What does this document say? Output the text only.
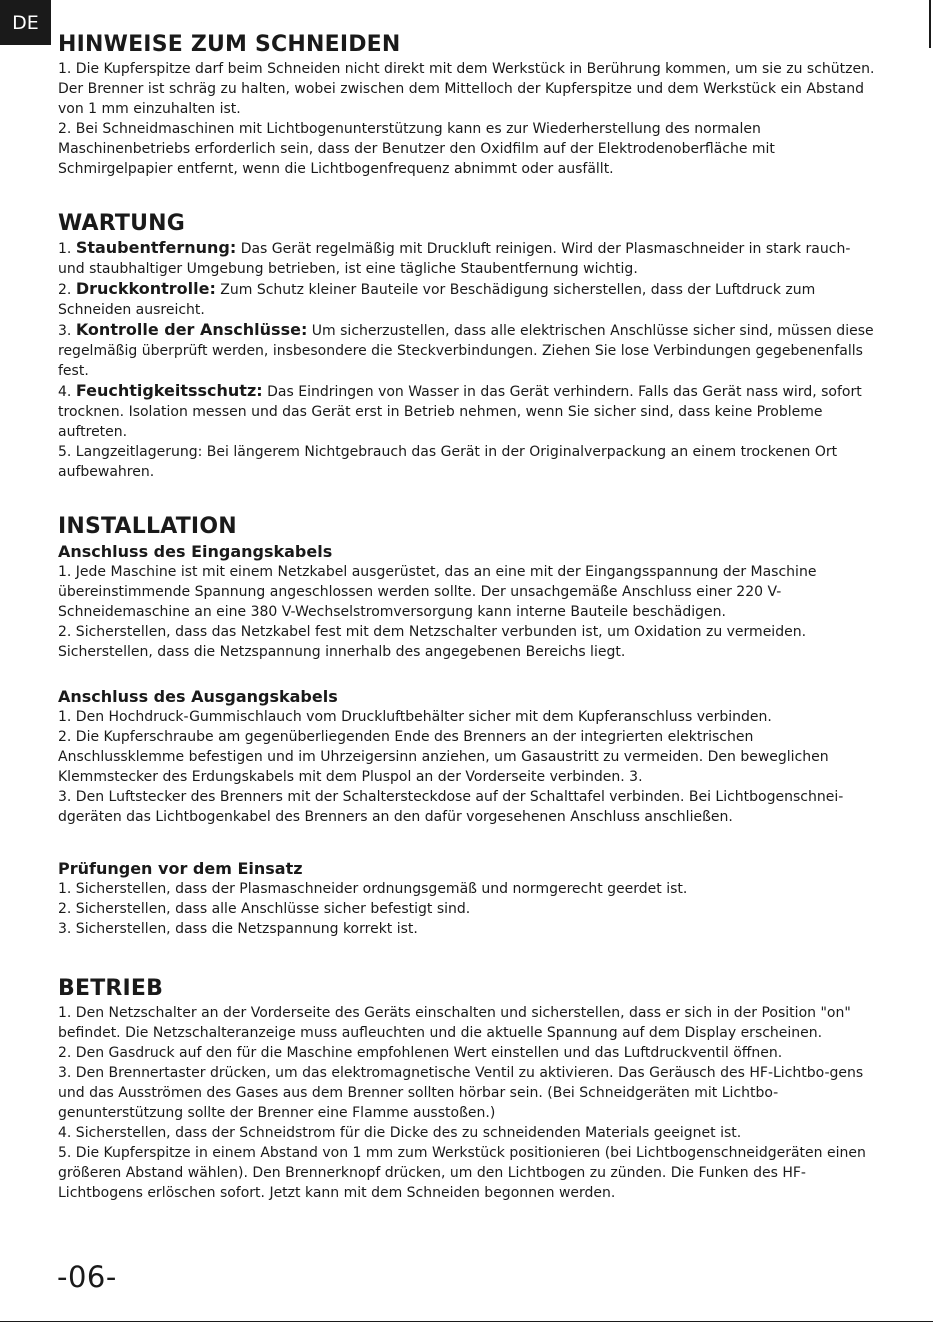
DE
HINWEISE ZUM SCHNEIDEN

1. Die Kupferspitze darf beim Schneiden nicht direkt mit dem Werkstück in Berührung kommen, um sie zu schützen. Der Brenner ist schräg zu halten, wobei zwischen dem Mittelloch der Kupferspitze und dem Werkstück ein Abstand von 1 mm einzuhalten ist.

2. Bei Schneidmaschinen mit Lichtbogenunterstützung kann es zur Wiederherstellung des normalen Maschinenbetriebs erforderlich sein, dass der Benutzer den Oxidfilm auf der Elektrodenoberfläche mit Schmirgelpapier entfernt, wenn die Lichtbogenfrequenz abnimmt oder ausfällt.

WARTUNG

1. Staubentfernung: Das Gerät regelmäßig mit Druckluft reinigen. Wird der Plasmaschneider in stark rauch- und staubhaltiger Umgebung betrieben, ist eine tägliche Staubentfernung wichtig.

2. Druckkontrolle: Zum Schutz kleiner Bauteile vor Beschädigung sicherstellen, dass der Luftdruck zum Schneiden ausreicht.

3. Kontrolle der Anschlüsse: Um sicherzustellen, dass alle elektrischen Anschlüsse sicher sind, müssen diese regelmäßig überprüft werden, insbesondere die Steckverbindungen. Ziehen Sie lose Verbindungen gegebenenfalls fest.

4. Feuchtigkeitsschutz: Das Eindringen von Wasser in das Gerät verhindern. Falls das Gerät nass wird, sofort trocknen. Isolation messen und das Gerät erst in Betrieb nehmen, wenn Sie sicher sind, dass keine Probleme auftreten.

5. Langzeitlagerung: Bei längerem Nichtgebrauch das Gerät in der Originalverpackung an einem trockenen Ort aufbewahren.

INSTALLATION
Anschluss des Eingangskabels

1. Jede Maschine ist mit einem Netzkabel ausgerüstet, das an eine mit der Eingangsspannung der Maschine übereinstimmende Spannung angeschlossen werden sollte. Der unsachgemäße Anschluss einer 220 V-Schneidemaschine an eine 380 V-Wechselstromversorgung kann interne Bauteile beschädigen.

2. Sicherstellen, dass das Netzkabel fest mit dem Netzschalter verbunden ist, um Oxidation zu vermeiden. Sicherstellen, dass die Netzspannung innerhalb des angegebenen Bereichs liegt.

Anschluss des Ausgangskabels

1. Den Hochdruck-Gummischlauch vom Druckluftbehälter sicher mit dem Kupferanschluss verbinden.

2. Die Kupferschraube am gegenüberliegenden Ende des Brenners an der integrierten elektrischen Anschlussklemme befestigen und im Uhrzeigersinn anziehen, um Gasaustritt zu vermeiden. Den beweglichen Klemmstecker des Erdungskabels mit dem Pluspol an der Vorderseite verbinden. 3.

3. Den Luftstecker des Brenners mit der Schaltersteckdose auf der Schalttafel verbinden. Bei Lichtbogenschnei-dgeräten das Lichtbogenkabel des Brenners an den dafür vorgesehenen Anschluss anschließen.

Prüfungen vor dem Einsatz

1. Sicherstellen, dass der Plasmaschneider ordnungsgemäß und normgerecht geerdet ist.

2. Sicherstellen, dass alle Anschlüsse sicher befestigt sind.

3. Sicherstellen, dass die Netzspannung korrekt ist.

BETRIEB

1. Den Netzschalter an der Vorderseite des Geräts einschalten und sicherstellen, dass er sich in der Position "on" befindet. Die Netzschalteranzeige muss aufleuchten und die aktuelle Spannung auf dem Display erscheinen.

2. Den Gasdruck auf den für die Maschine empfohlenen Wert einstellen und das Luftdruckventil öffnen.

3. Den Brennertaster drücken, um das elektromagnetische Ventil zu aktivieren. Das Geräusch des HF-Lichtbo-gens und das Ausströmen des Gases aus dem Brenner sollten hörbar sein. (Bei Schneidgeräten mit Lichtbo-genunterstützung sollte der Brenner eine Flamme ausstoßen.)

4. Sicherstellen, dass der Schneidstrom für die Dicke des zu schneidenden Materials geeignet ist.

5. Die Kupferspitze in einem Abstand von 1 mm zum Werkstück positionieren (bei Lichtbogenschneidgeräten einen größeren Abstand wählen). Den Brennerknopf drücken, um den Lichtbogen zu zünden. Die Funken des HF-Lichtbogens erlöschen sofort. Jetzt kann mit dem Schneiden begonnen werden.

-06-
